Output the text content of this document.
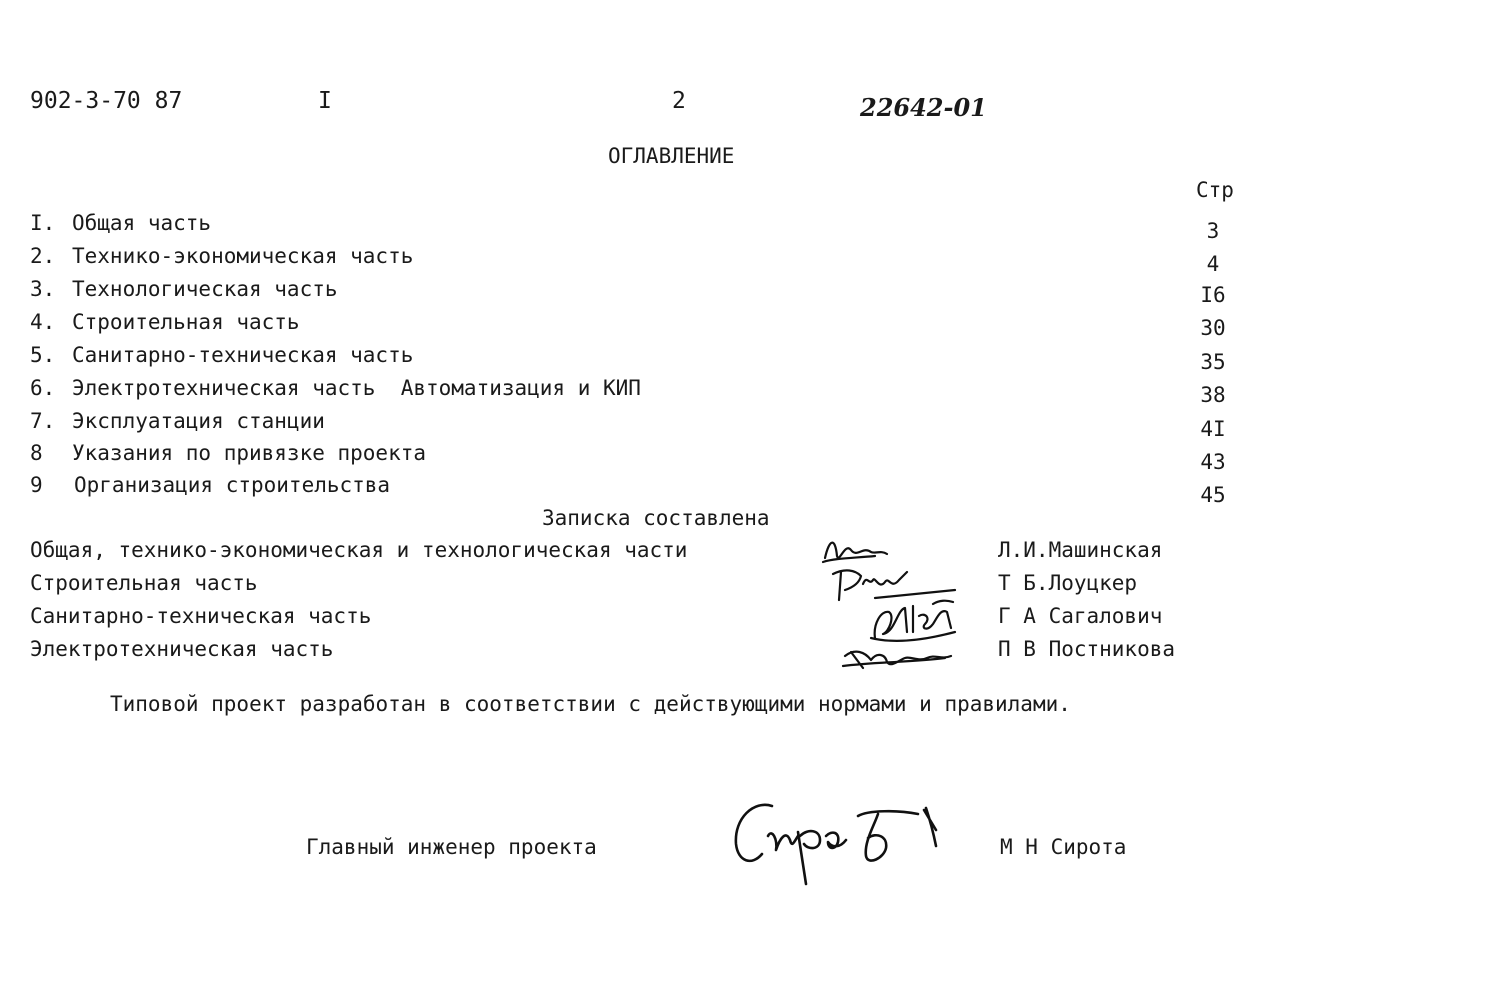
902-3-70 87	I	2	22642-01
ОГЛАВЛЕНИЕ
Стр
I. Общая часть	3
2. Технико-экономическая часть	4
3. Технологическая часть	I6
4. Строительная часть	30
5. Санитарно-техническая часть	35
6. Электротехническая часть  Автоматизация и КИП	38
7. Эксплуатация станции	4I
8 Указания по привязке проекта	43
9 Организация строительства	45
Записка составлена
Общая, технико-экономическая и технологическая части	Л.И.Машинская
Строительная часть	Т Б.Лоуцкер
Санитарно-техническая часть	Г А Сагалович
Электротехническая часть	П В Постникова
Типовой проект разработан в соответствии с действующими нормами и правилами.
Главный инженер проекта	М Н Сирота
